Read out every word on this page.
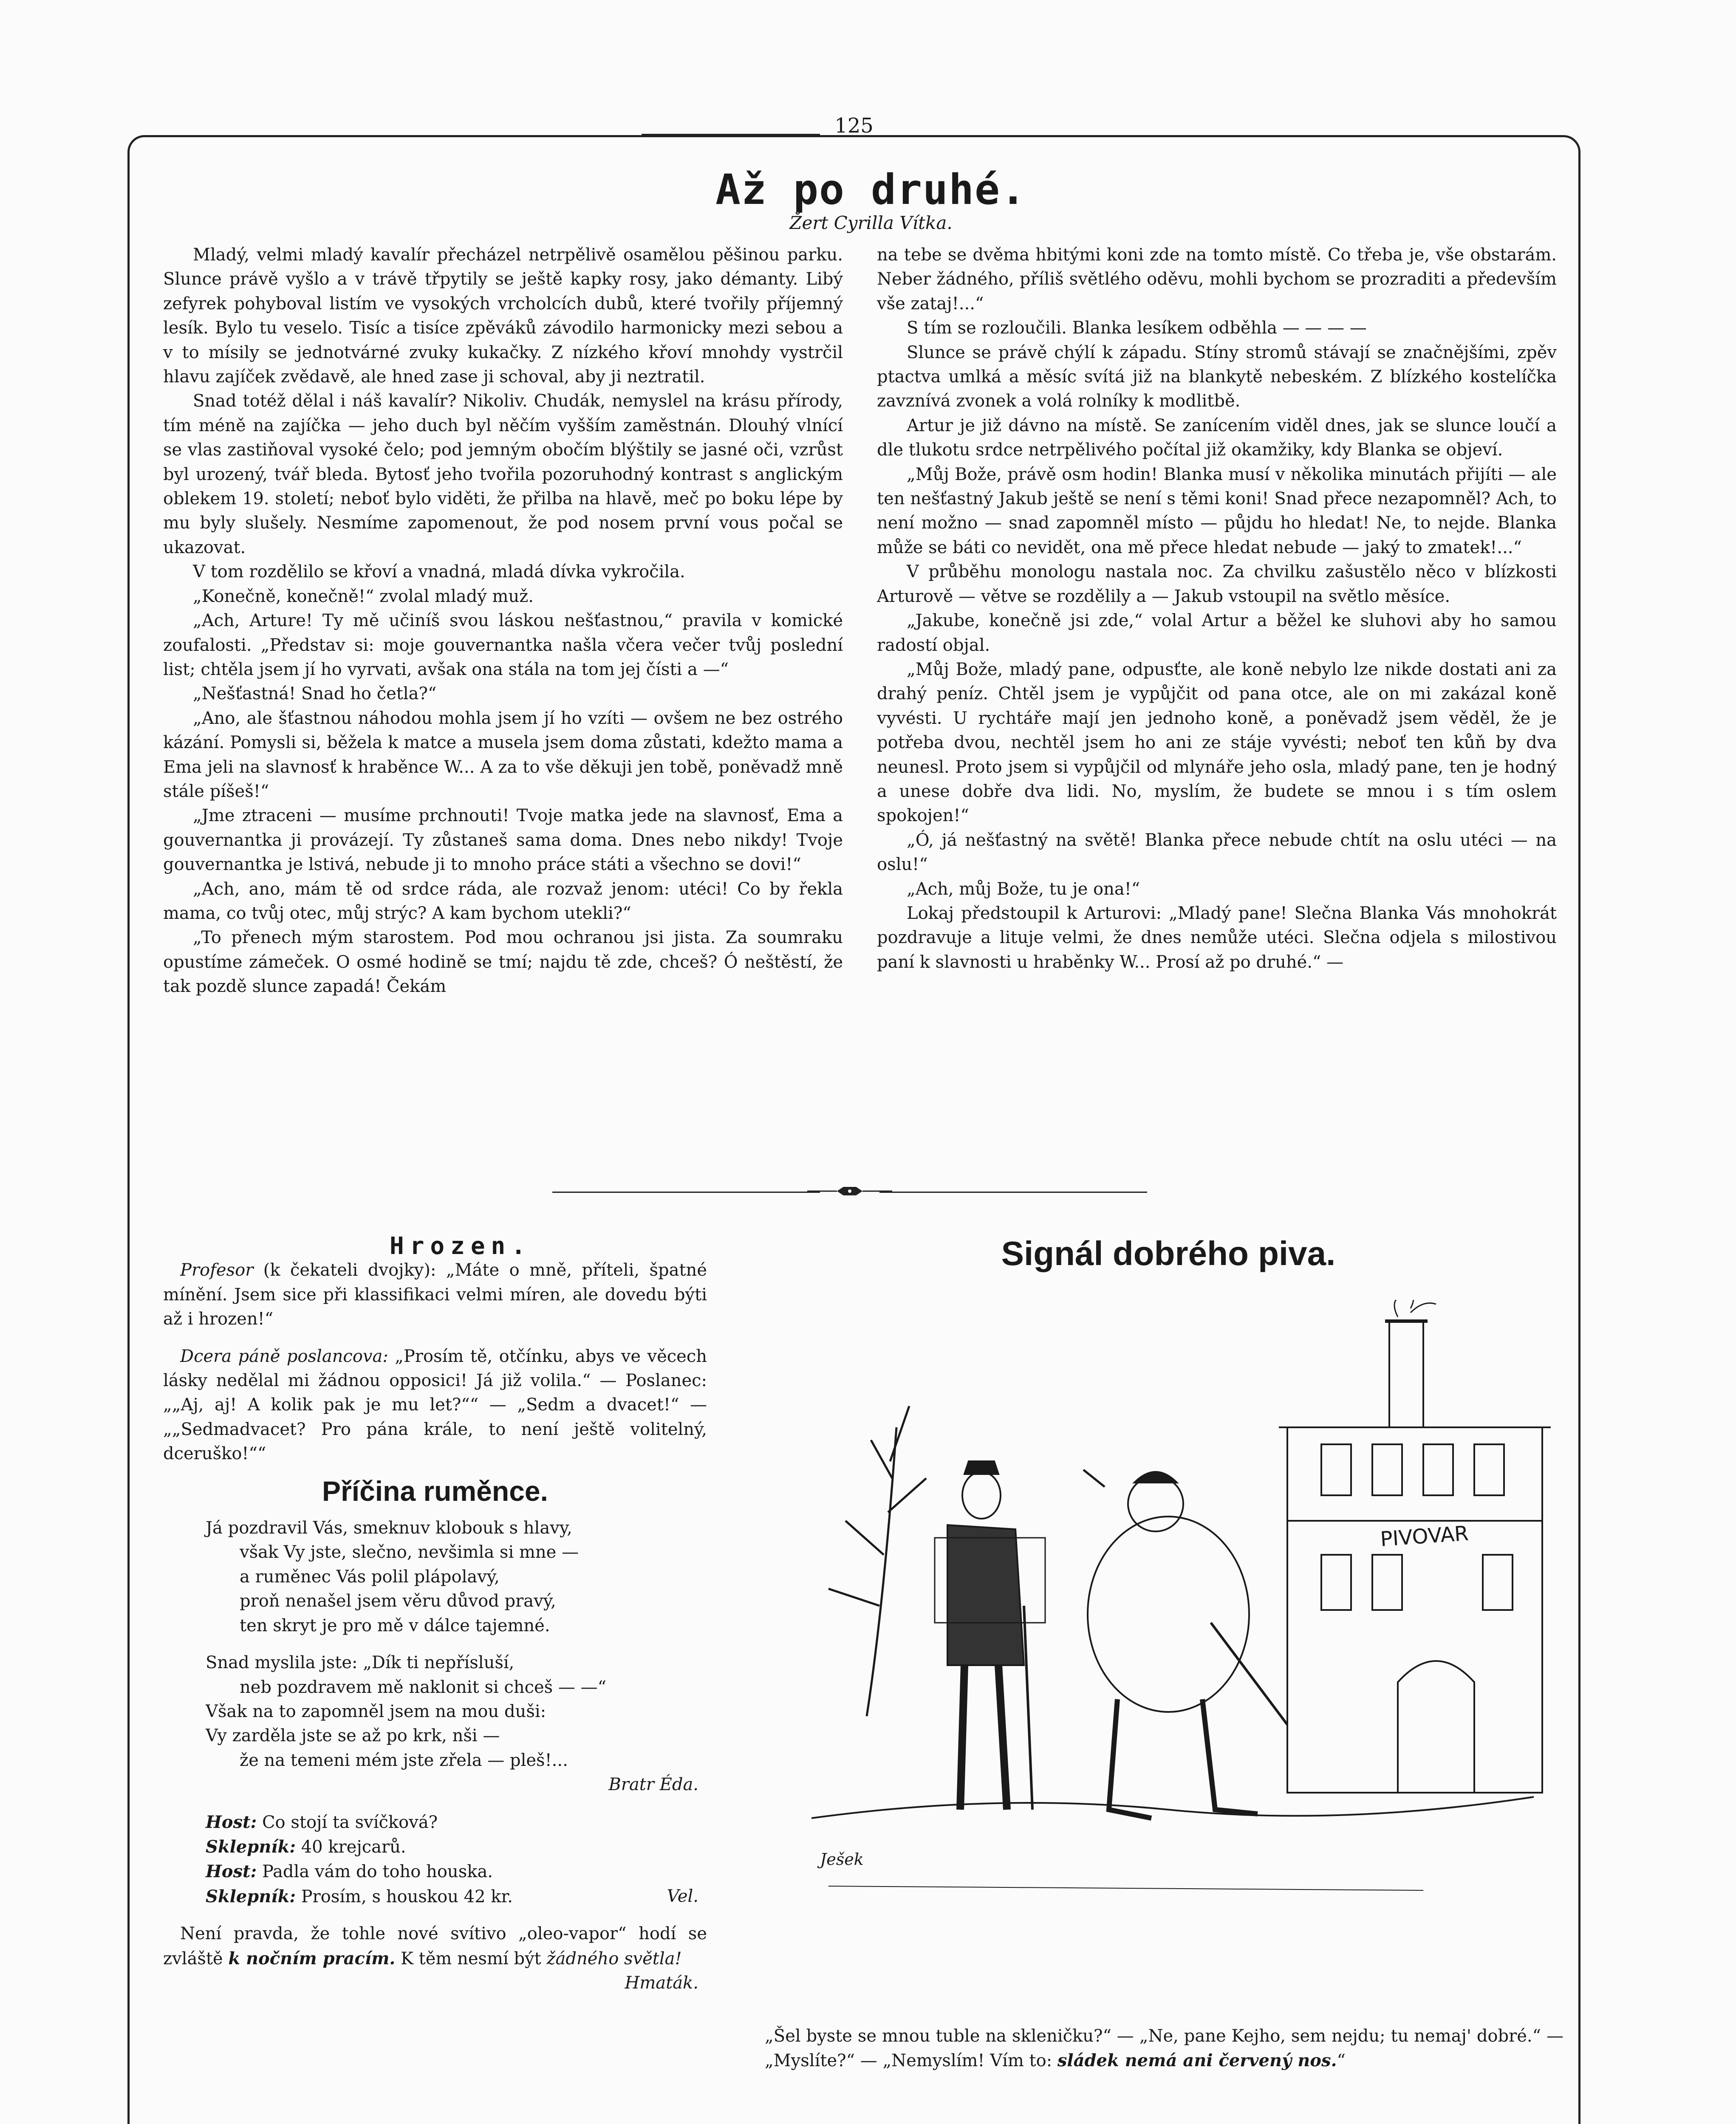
125
Až po druhé.
Žert Cyrilla Vítka.

Mladý, velmi mladý kavalír přecházel netrpělivě osamělou pěšinou parku. Slunce právě vyšlo a v trávě třpytily se ještě kapky rosy, jako démanty. Libý zefyrek pohyboval listím ve vysokých vrcholcích dubů, které tvořily příjemný lesík. Bylo tu veselo. Tisíc a tisíce zpěváků závodilo harmonicky mezi sebou a v to mísily se jednotvárné zvuky kukačky. Z nízkého křoví mnohdy vystrčil hlavu zajíček zvědavě, ale hned zase ji schoval, aby ji neztratil.

Snad totéž dělal i náš kavalír? Nikoliv. Chudák, nemyslel na krásu přírody, tím méně na zajíčka — jeho duch byl něčím vyšším zaměstnán. Dlouhý vlnící se vlas zastiňoval vysoké čelo; pod jemným obočím blýštily se jasné oči, vzrůst byl urozený, tvář bleda. Bytosť jeho tvořila pozoruhodný kontrast s anglickým oblekem 19. století; neboť bylo viděti, že přilba na hlavě, meč po boku lépe by mu byly slušely. Nesmíme zapomenout, že pod nosem první vous počal se ukazovat.

V tom rozdělilo se křoví a vnadná, mladá dívka vykročila.

„Konečně, konečně!“ zvolal mladý muž.

„Ach, Arture! Ty mě učiníš svou láskou nešťastnou,“ pravila v komické zoufalosti. „Představ si: moje gouvernantka našla včera večer tvůj poslední list; chtěla jsem jí ho vyrvati, avšak ona stála na tom jej čísti a —“

„Nešťastná! Snad ho četla?“

„Ano, ale šťastnou náhodou mohla jsem jí ho vzíti — ovšem ne bez ostrého kázání. Pomysli si, běžela k matce a musela jsem doma zůstati, kdežto mama a Ema jeli na slavnosť k hraběnce W... A za to vše děkuji jen tobě, poněvadž mně stále píšeš!“

„Jme ztraceni — musíme prchnouti! Tvoje matka jede na slavnosť, Ema a gouvernantka ji provázejí. Ty zůstaneš sama doma. Dnes nebo nikdy! Tvoje gouvernantka je lstivá, nebude ji to mnoho práce státi a všechno se dovi!“

„Ach, ano, mám tě od srdce ráda, ale rozvaž jenom: utéci! Co by řekla mama, co tvůj otec, můj strýc? A kam bychom utekli?“

„To přenech mým starostem. Pod mou ochranou jsi jista. Za soumraku opustíme zámeček. O osmé hodině se tmí; najdu tě zde, chceš? Ó neštěstí, že tak pozdě slunce zapadá! Čekám

na tebe se dvěma hbitými koni zde na tomto místě. Co třeba je, vše obstarám. Neber žádného, příliš světlého oděvu, mohli bychom se prozraditi a především vše zataj!...“

S tím se rozloučili. Blanka lesíkem odběhla — — — —

Slunce se právě chýlí k západu. Stíny stromů stávají se značnějšími, zpěv ptactva umlká a měsíc svítá již na blankytě nebeském. Z blízkého kostelíčka zavznívá zvonek a volá rolníky k modlitbě.

Artur je již dávno na místě. Se zanícením viděl dnes, jak se slunce loučí a dle tlukotu srdce netrpělivého počítal již okamžiky, kdy Blanka se objeví.

„Můj Bože, právě osm hodin! Blanka musí v několika minutách přijíti — ale ten nešťastný Jakub ještě se není s těmi koni! Snad přece nezapomněl? Ach, to není možno — snad zapomněl místo — půjdu ho hledat! Ne, to nejde. Blanka může se báti co nevidět, ona mě přece hledat nebude — jaký to zmatek!...“

V průběhu monologu nastala noc. Za chvilku zašustělo něco v blízkosti Arturově — větve se rozdělily a — Jakub vstoupil na světlo měsíce.

„Jakube, konečně jsi zde,“ volal Artur a běžel ke sluhovi aby ho samou radostí objal.

„Můj Bože, mladý pane, odpusťte, ale koně nebylo lze nikde dostati ani za drahý peníz. Chtěl jsem je vypůjčit od pana otce, ale on mi zakázal koně vyvésti. U rychtáře mají jen jednoho koně, a poněvadž jsem věděl, že je potřeba dvou, nechtěl jsem ho ani ze stáje vyvésti; neboť ten kůň by dva neunesl. Proto jsem si vypůjčil od mlynáře jeho osla, mladý pane, ten je hodný a unese dobře dva lidi. No, myslím, že budete se mnou i s tím oslem spokojen!“

„Ó, já nešťastný na světě! Blanka přece nebude chtít na oslu utéci — na oslu!“

„Ach, můj Bože, tu je ona!“

Lokaj předstoupil k Arturovi: „Mladý pane! Slečna Blanka Vás mnohokrát pozdravuje a lituje velmi, že dnes nemůže utéci. Slečna odjela s milostivou paní k slavnosti u hraběnky W... Prosí až po druhé.“ —

Hrozen.

Profesor (k čekateli dvojky): „Máte o mně, příteli, špatné mínění. Jsem sice při klassifikaci velmi míren, ale dovedu býti až i hrozen!“

Dcera páně poslancova: „Prosím tě, otčínku, abys ve věcech lásky nedělal mi žádnou opposici! Já již volila.“ — Poslanec: „„Aj, aj! A kolik pak je mu let?““ — „Sedm a dvacet!“ — „„Sedmadvacet? Pro pána krále, to není ještě volitelný, dceruško!““

Příčina ruměnce.
Já pozdravil Vás, smeknuv klobouk s hlavy,
však Vy jste, slečno, nevšimla si mne —
a ruměnec Vás polil plápolavý,
proň nenašel jsem věru důvod pravý,
ten skryt je pro mě v dálce tajemné.
Snad myslila jste: „Dík ti nepřísluší,
neb pozdravem mě naklonit si chceš — —“
Však na to zapomněl jsem na mou duši:
Vy zarděla jste se až po krk, nši —
že na temeni mém jste zřela — pleš!...
Bratr Éda.
Host: Co stojí ta svíčková?
Sklepník: 40 krejcarů.
Host: Padla vám do toho houska.
Sklepník: Prosím, s houskou 42 kr.	Vel.

Není pravda, že tohle nové svítivo „oleo-vapor“ hodí se zvláště k nočním pracím. K těm nesmí být žádného světla!
Hmaták.

Signál dobrého piva.
PIVOVAR
Ješek
„Šel byste se mnou tuble na skleničku?“ — „Ne, pane Kejho, sem nejdu; tu nemaj' dobré.“ — „Myslíte?“ — „Nemyslím! Vím to: sládek nemá ani červený nos.“
